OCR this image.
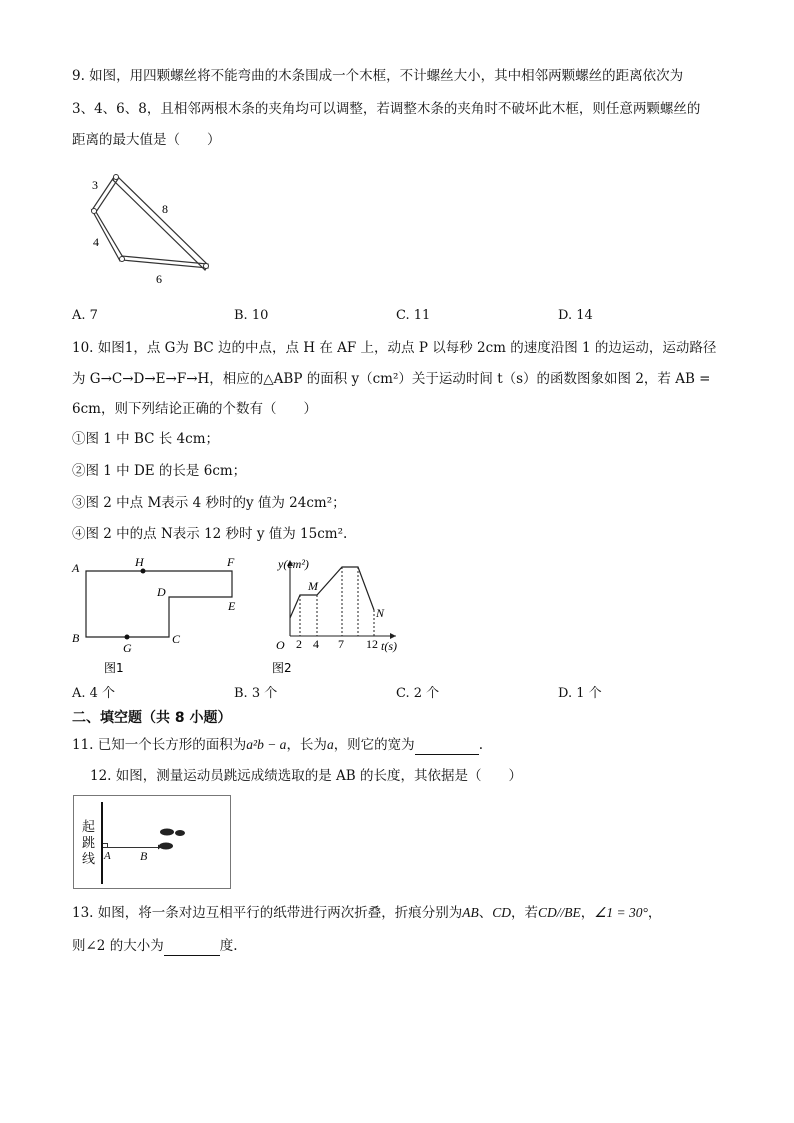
9. 如图，用四颗螺丝将不能弯曲的木条围成一个木框，不计螺丝大小，其中相邻两颗螺丝的距离依次为
3、4、6、8，且相邻两根木条的夹角均可以调整，若调整木条的夹角时不破坏此木框，则任意两颗螺丝的
距离的最大值是（　　）
3
8
4
6
A. 7	B. 10	C. 11	D. 14
10. 如图1，点 G为 BC 边的中点，点 H 在 AF 上，动点 P 以每秒 2cm 的速度沿图 1 的边运动，运动路径
为 G→C→D→E→F→H，相应的△ABP 的面积 y（cm²）关于运动时间 t（s）的函数图象如图 2，若 AB =
6cm，则下列结论正确的个数有（　　）
①图 1 中 BC 长 4cm；
②图 1 中 DE 的长是 6cm；
③图 2 中点 M表示 4 秒时的y 值为 24cm²；
④图 2 中的点 N表示 12 秒时 y 值为 15cm².
A	H	F
D
E
B
G
C
图1
y(cm²)
M
N
O 2 4 7 12 t(s)
图2
A. 4 个	B. 3 个	C. 2 个	D. 1 个
二、填空题（共 8 小题）
11. 已知一个长方形的面积为a²b − a，长为a，则它的宽为	.
12. 如图，测量运动员跳远成绩选取的是 AB 的长度，其依据是（　　）
起
跳
线 A B
13. 如图，将一条对边互相平行的纸带进行两次折叠，折痕分别为AB、CD，若CD//BE，∠1 = 30°，
则∠2 的大小为	度.
